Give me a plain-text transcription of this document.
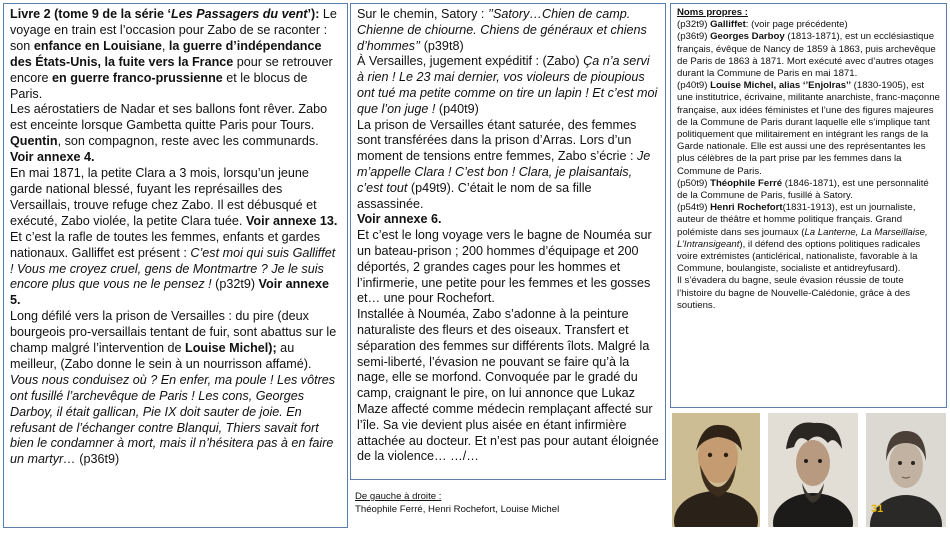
Livre 2 (tome 9 de la série ‘Les Passagers du vent’): Le voyage en train est l’occasion pour Zabo de se raconter : son enfance en Louisiane, la guerre d’indépendance des États-Unis, la fuite vers la France pour se retrouver encore en guerre franco-prussienne et le blocus de Paris.

Les aérostatiers de Nadar et ses ballons font rêver. Zabo est enceinte lorsque Gambetta quitte Paris pour Tours. Quentin, son compagnon, reste avec les communards. Voir annexe 4.

En mai 1871, la petite Clara a 3 mois, lorsqu’un jeune garde national blessé, fuyant les représailles des Versaillais, trouve refuge chez Zabo. Il est débusqué et exécuté, Zabo violée, la petite Clara tuée. Voir annexe 13.

Et c’est la rafle de toutes les femmes, enfants et gardes nationaux. Galliffet est présent : C’est moi qui suis Galliffet ! Vous me croyez cruel, gens de Montmartre ? Je le suis encore plus que vous ne le pensez ! (p32t9) Voir annexe 5.

Long défilé vers la prison de Versailles : du pire (deux bourgeois pro-versaillais tentant de fuir, sont abattus sur le champ malgré l’intervention de Louise Michel); au meilleur, (Zabo donne le sein à un nourrisson affamé).

Vous nous conduisez où ? En enfer, ma poule ! Les vôtres ont fusillé l’archevêque de Paris ! Les cons, Georges Darboy, il était gallican, Pie IX doit sauter de joie. En refusant de l’échanger contre Blanqui, Thiers savait fort bien le condamner à mort, mais il n’hésitera pas à en faire un martyr… (p36t9)

Sur le chemin, Satory : ’’Satory…Chien de camp. Chienne de chiourne. Chiens de généraux et chiens d’hommes’’ (p39t8)

À Versailles, jugement expéditif : (Zabo) Ça n’a servi à rien ! Le 23 mai dernier, vos violeurs de pioupious ont tué ma petite comme on tire un lapin ! Et c’est moi que l’on juge ! (p40t9)

La prison de Versailles étant saturée, des femmes sont transférées dans la prison d’Arras. Lors d’un moment de tensions entre femmes, Zabo s’écrie : Je m’appelle Clara ! C’est bon ! Clara, je plaisantais, c’est tout (p49t9). C’était le nom de sa fille assassinée.

Voir annexe 6.

Et c’est le long voyage vers le bagne de Nouméa sur un bateau-prison ; 200 hommes d’équipage et 200 déportés, 2 grandes cages pour les hommes et l’infirmerie, une petite pour les femmes et les gosses et… une pour Rochefort.

Installée à Nouméa, Zabo s’adonne à la peinture naturaliste des fleurs et des oiseaux. Transfert et séparation des femmes sur différents îlots. Malgré la semi-liberté, l’évasion ne pouvant se faire qu’à la nage, elle se morfond. Convoquée par le gradé du camp, craignant le pire, on lui annonce que Lukaz Maze affecté comme médecin remplaçant affecté sur l’île. Sa vie devient plus aisée en étant infirmière attachée au docteur. Et n’est pas pour autant éloignée de la violence… …/…

Noms propres :

(p32t9) Galliffet: (voir page précédente)

(p36t9) Georges Darboy (1813-1871), est un ecclésiastique français, évêque de Nancy de 1859 à 1863, puis archevêque de Paris de 1863 à 1871. Mort exécuté avec d’autres otages durant la Commune de Paris en mai 1871.

(p40t9) Louise Michel, alias ‘’Enjolras’’ (1830-1905), est une institutrice, écrivaine, militante anarchiste, franc-maçonne française, aux idées féministes et l’une des figures majeures de la Commune de Paris durant laquelle elle s’implique tant politiquement que militairement en intégrant les rangs de la Garde nationale. Elle est aussi une des représentantes les plus célèbres de la part prise par les femmes dans la Commune de Paris.

(p50t9) Théophile Ferré (1846-1871), est une personnalité de la Commune de Paris, fusillé à Satory.

(p54t9) Henri Rochefort(1831-1913), est un journaliste, auteur de théâtre et homme politique français. Grand polémiste dans ses journaux (La Lanterne, La Marseillaise, L’Intransigeant), il défend des options politiques radicales voire extrémistes (anticlérical, nationaliste, favorable à la Commune, boulangiste, socialiste et antidreyfusard).

Il s’évadera du bagne, seule évasion réussie de toute l’histoire du bagne de Nouvelle-Calédonie, grâce à des soutiens.

De gauche à droite :
Théophile Ferré, Henri Rochefort, Louise Michel	31
